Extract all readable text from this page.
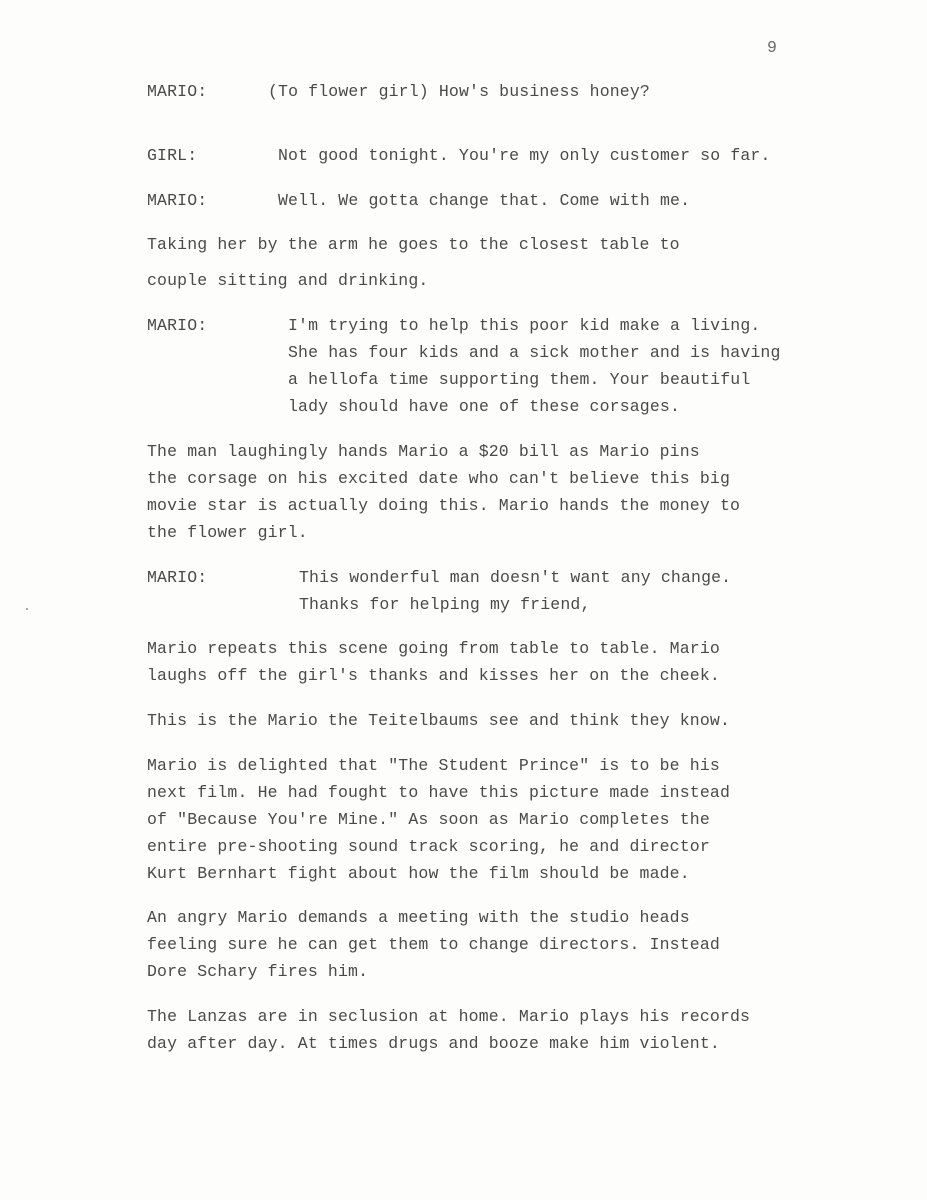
9
MARIO:	(To flower girl) How's business honey?
GIRL:	Not good tonight. You're my only customer so far.
MARIO:	Well. We gotta change that. Come with me.
Taking her by the arm he goes to the closest table to
couple sitting and drinking.
MARIO:	I'm trying to help this poor kid make a living.
She has four kids and a sick mother and is having
a hellofa time supporting them. Your beautiful
lady should have one of these corsages.
The man laughingly hands Mario a $20 bill as Mario pins
the corsage on his excited date who can't believe this big
movie star is actually doing this. Mario hands the money to
the flower girl.
MARIO:	This wonderful man doesn't want any change.
Thanks for helping my friend,
Mario repeats this scene going from table to table. Mario
laughs off the girl's thanks and kisses her on the cheek.
This is the Mario the Teitelbaums see and think they know.
Mario is delighted that "The Student Prince" is to be his
next film. He had fought to have this picture made instead
of "Because You're Mine." As soon as Mario completes the
entire pre-shooting sound track scoring, he and director
Kurt Bernhart fight about how the film should be made.
An angry Mario demands a meeting with the studio heads
feeling sure he can get them to change directors. Instead
Dore Schary fires him.
The Lanzas are in seclusion at home. Mario plays his records
day after day. At times drugs and booze make him violent.
